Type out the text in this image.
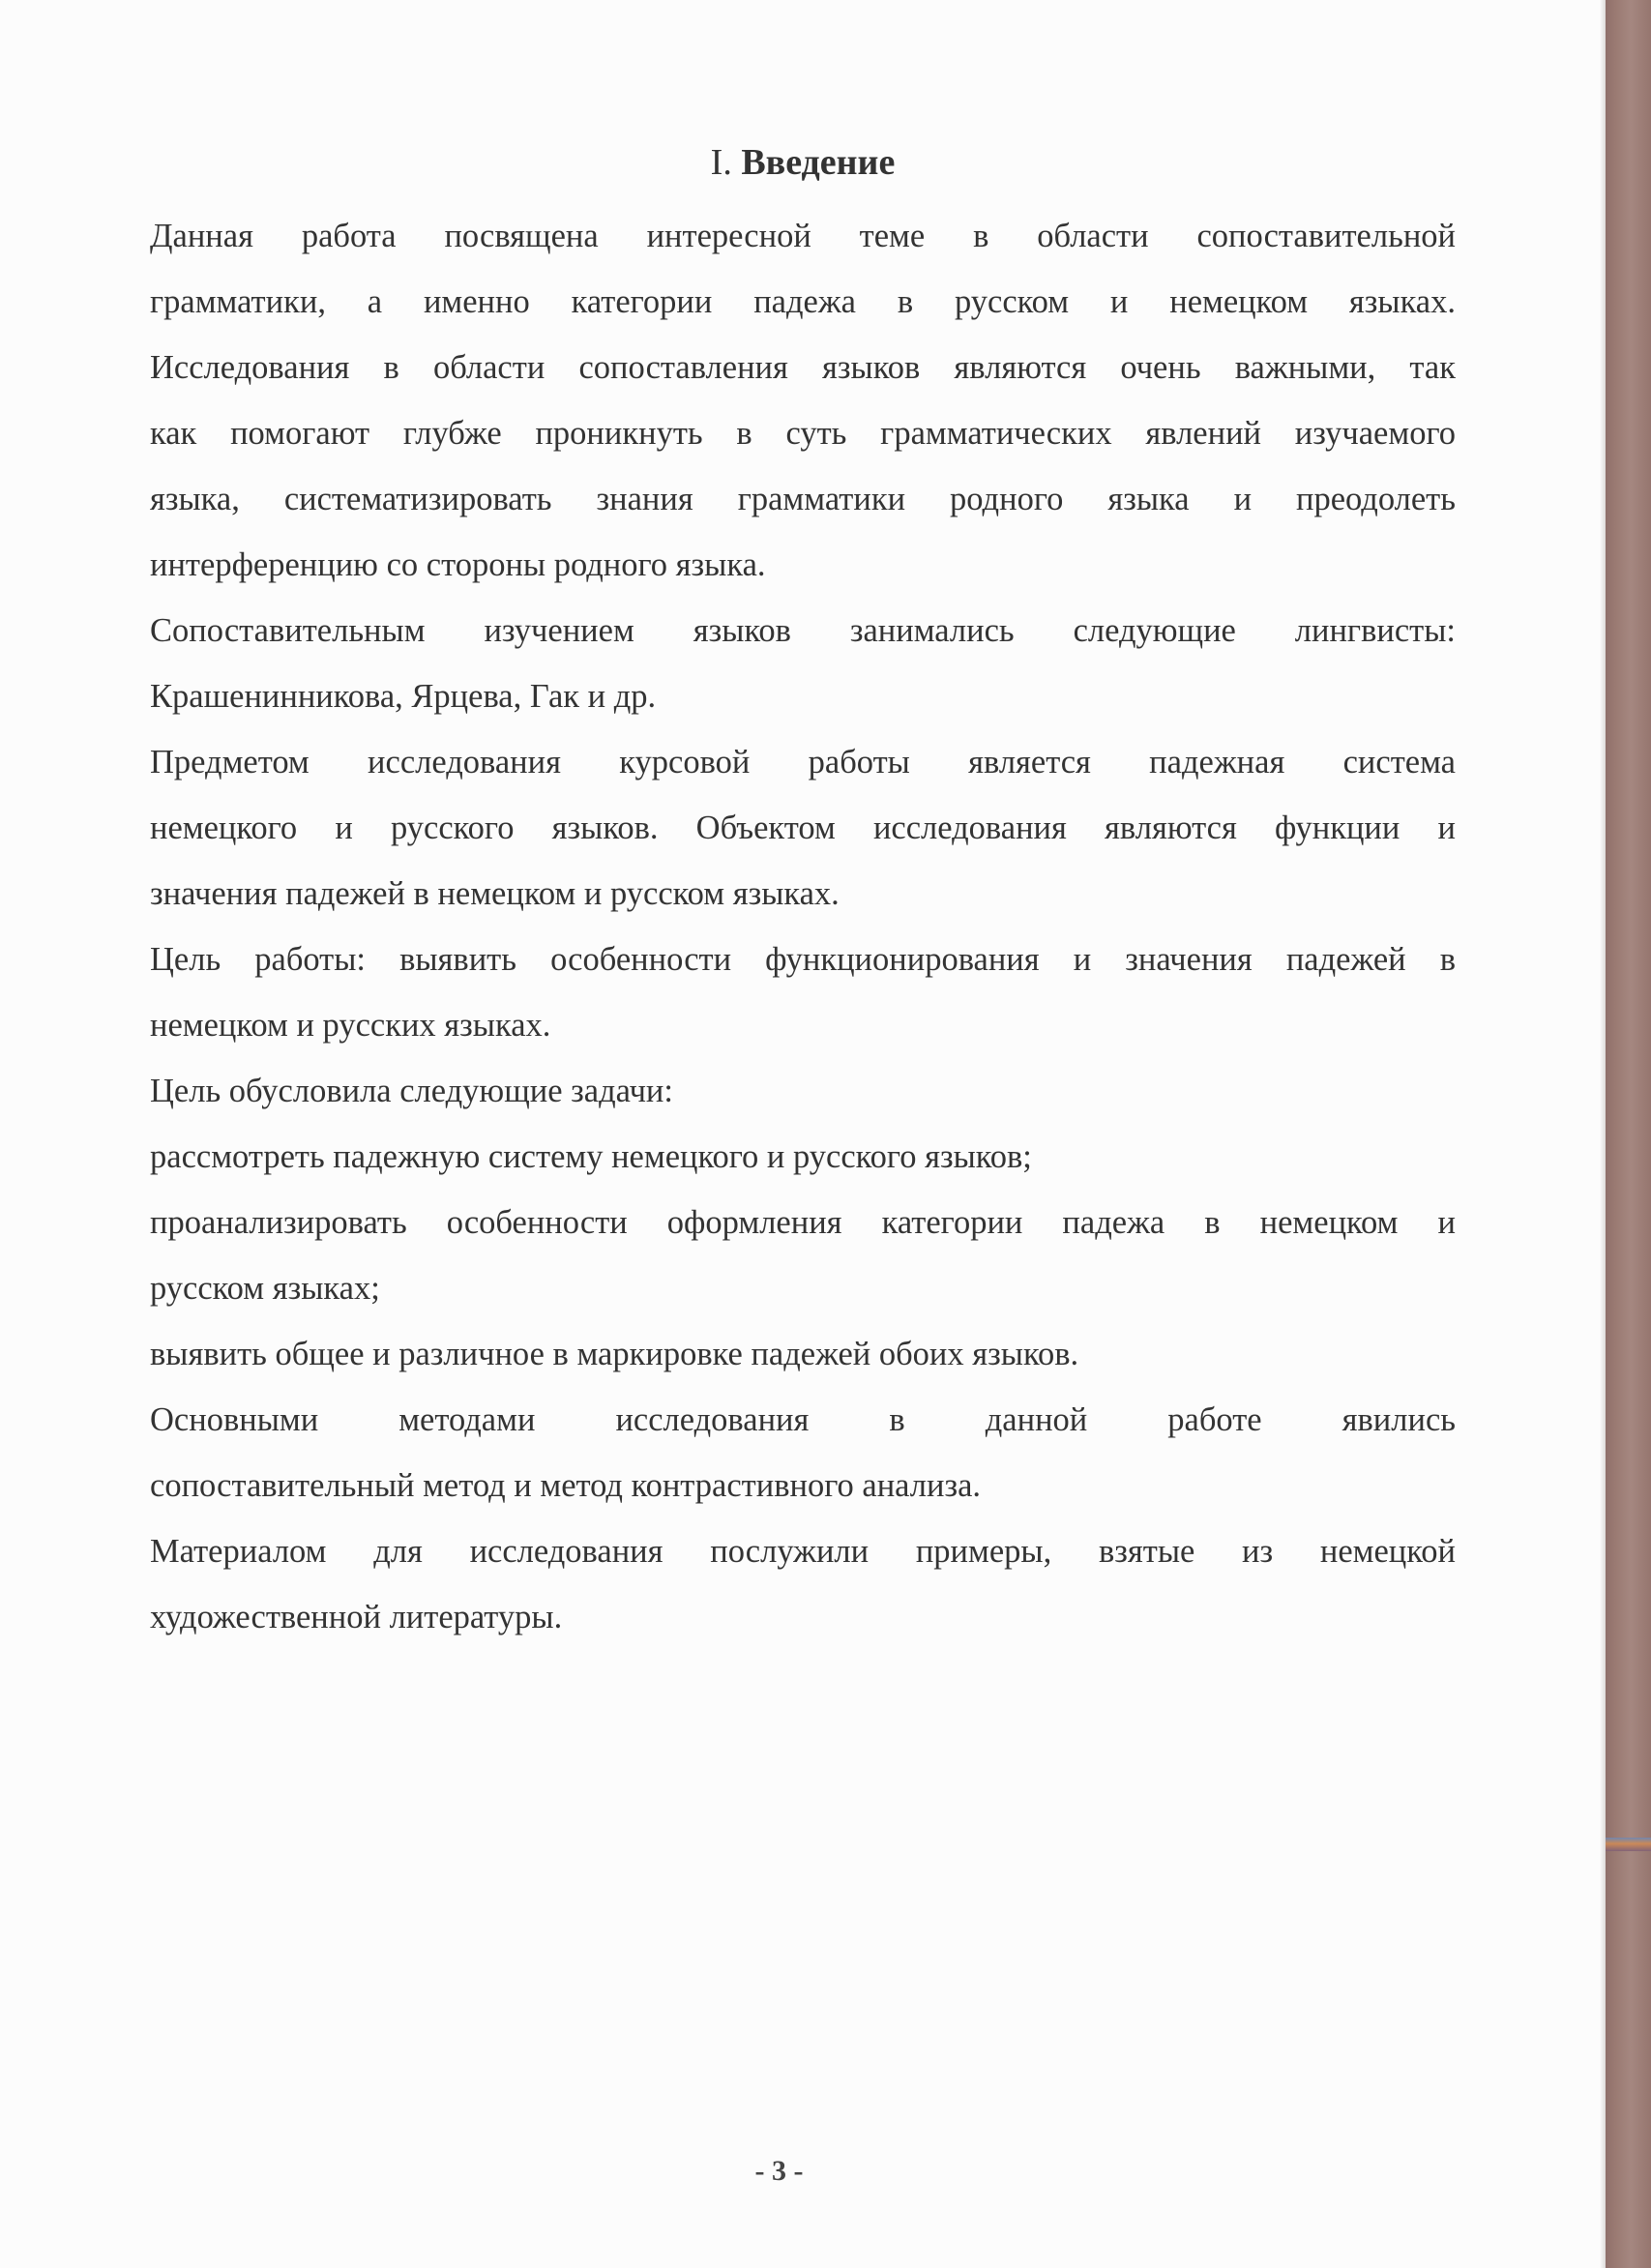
I. Введение
Данная работа посвящена интересной теме в области сопоставительной
грамматики, а именно категории падежа в русском и немецком языках.
Исследования в области сопоставления языков являются очень важными, так
как помогают глубже проникнуть в суть грамматических явлений изучаемого
языка, систематизировать знания грамматики родного языка и преодолеть
интерференцию со стороны родного языка.
Сопоставительным изучением языков занимались следующие лингвисты:
Крашенинникова, Ярцева, Гак и др.
Предметом исследования курсовой работы является падежная система
немецкого и русского языков. Объектом исследования являются функции и
значения падежей в немецком и русском языках.
Цель работы: выявить особенности функционирования и значения падежей в
немецком и русских языках.
Цель обусловила следующие задачи:
рассмотреть падежную систему немецкого и русского языков;
проанализировать особенности оформления категории падежа в немецком и
русском языках;
выявить общее и различное в маркировке падежей обоих языков.
Основными методами исследования в данной работе явились
сопоставительный метод и метод контрастивного анализа.
Материалом для исследования послужили примеры, взятые из немецкой
художественной литературы.
- 3 -
